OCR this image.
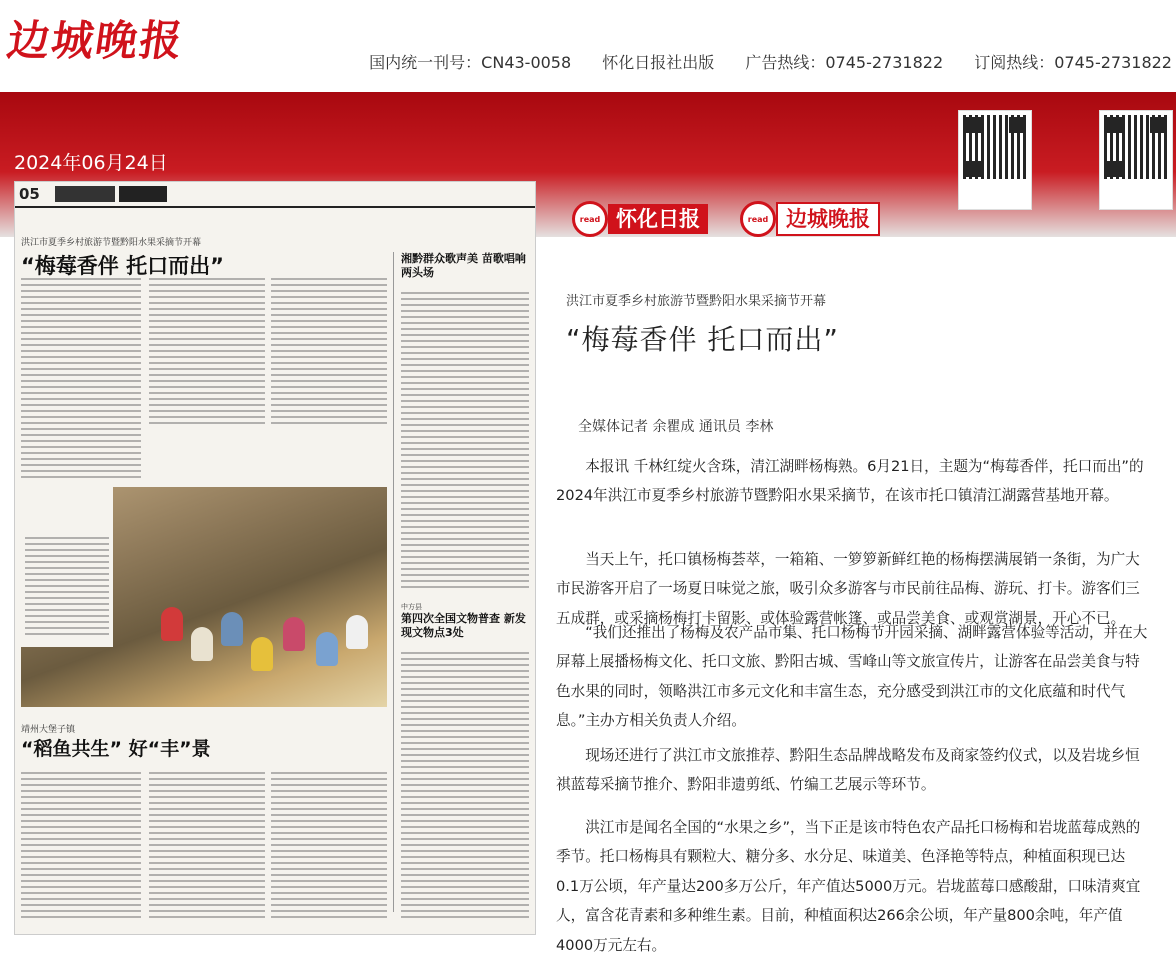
边城晚报	国内统一刊号：CN43-0058 怀化日报社出版 广告热线：0745-2731822 订阅热线：0745-2731822
2024年06月24日
read 怀化日报	read 边城晚报
05
洪江市夏季乡村旅游节暨黔阳水果采摘节开幕
“梅莓香伴 托口而出”
靖州大堡子镇
“稻鱼共生” 好“丰”景
湘黔群众歌声美 苗歌唱响两头场
中方县
第四次全国文物普查 新发现文物点3处
洪江市夏季乡村旅游节暨黔阳水果采摘节开幕
“梅莓香伴 托口而出”
全媒体记者 余瞿成 通讯员 李林

本报讯 千林红绽火含珠，清江湖畔杨梅熟。6月21日，主题为“梅莓香伴，托口而出”的2024年洪江市夏季乡村旅游节暨黔阳水果采摘节，在该市托口镇清江湖露营基地开幕。

当天上午，托口镇杨梅荟萃，一箱箱、一箩箩新鲜红艳的杨梅摆满展销一条街，为广大市民游客开启了一场夏日味觉之旅，吸引众多游客与市民前往品梅、游玩、打卡。游客们三五成群，或采摘杨梅打卡留影、或体验露营帐篷、或品尝美食、或观赏湖景，开心不已。

“我们还推出了杨梅及农产品市集、托口杨梅节开园采摘、湖畔露营体验等活动，并在大屏幕上展播杨梅文化、托口文旅、黔阳古城、雪峰山等文旅宣传片，让游客在品尝美食与特色水果的同时，领略洪江市多元文化和丰富生态，充分感受到洪江市的文化底蕴和时代气息。”主办方相关负责人介绍。

现场还进行了洪江市文旅推荐、黔阳生态品牌战略发布及商家签约仪式，以及岩垅乡恒祺蓝莓采摘节推介、黔阳非遗剪纸、竹编工艺展示等环节。

洪江市是闻名全国的“水果之乡”，当下正是该市特色农产品托口杨梅和岩垅蓝莓成熟的季节。托口杨梅具有颗粒大、糖分多、水分足、味道美、色泽艳等特点，种植面积现已达0.1万公顷，年产量达200多万公斤，年产值达5000万元。岩垅蓝莓口感酸甜，口味清爽宜人，富含花青素和多种维生素。目前，种植面积达266余公顷，年产量800余吨，年产值4000万元左右。
